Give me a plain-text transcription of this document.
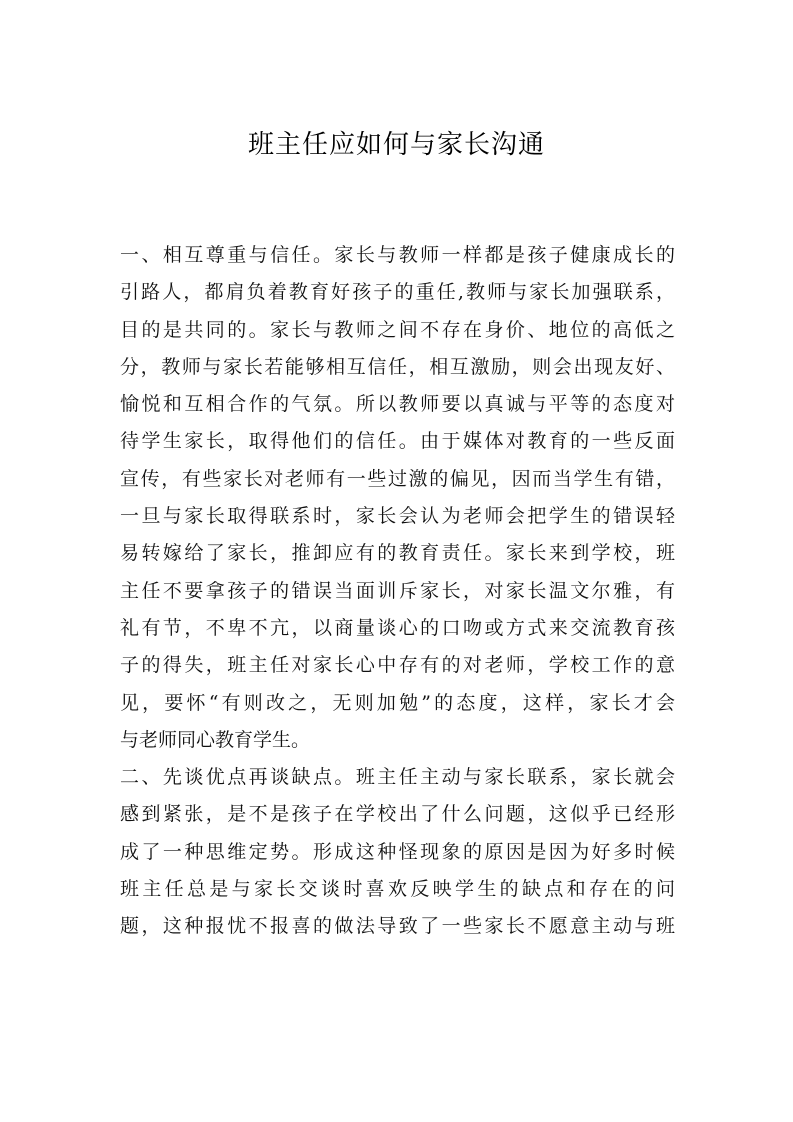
班主任应如何与家长沟通
一、相互尊重与信任。家长与教师一样都是孩子健康成长的
引路人，都肩负着教育好孩子的重任,教师与家长加强联系，
目的是共同的。家长与教师之间不存在身价、地位的高低之
分，教师与家长若能够相互信任，相互激励，则会出现友好、
愉悦和互相合作的气氛。所以教师要以真诚与平等的态度对
待学生家长，取得他们的信任。由于媒体对教育的一些反面
宣传，有些家长对老师有一些过激的偏见，因而当学生有错，
一旦与家长取得联系时，家长会认为老师会把学生的错误轻
易转嫁给了家长，推卸应有的教育责任。家长来到学校，班
主任不要拿孩子的错误当面训斥家长，对家长温文尔雅，有
礼有节，不卑不亢，以商量谈心的口吻或方式来交流教育孩
子的得失，班主任对家长心中存有的对老师，学校工作的意
见，要怀“有则改之，无则加勉”的态度，这样，家长才会
与老师同心教育学生。
二、先谈优点再谈缺点。班主任主动与家长联系，家长就会
感到紧张，是不是孩子在学校出了什么问题，这似乎已经形
成了一种思维定势。形成这种怪现象的原因是因为好多时候
班主任总是与家长交谈时喜欢反映学生的缺点和存在的问
题，这种报忧不报喜的做法导致了一些家长不愿意主动与班
